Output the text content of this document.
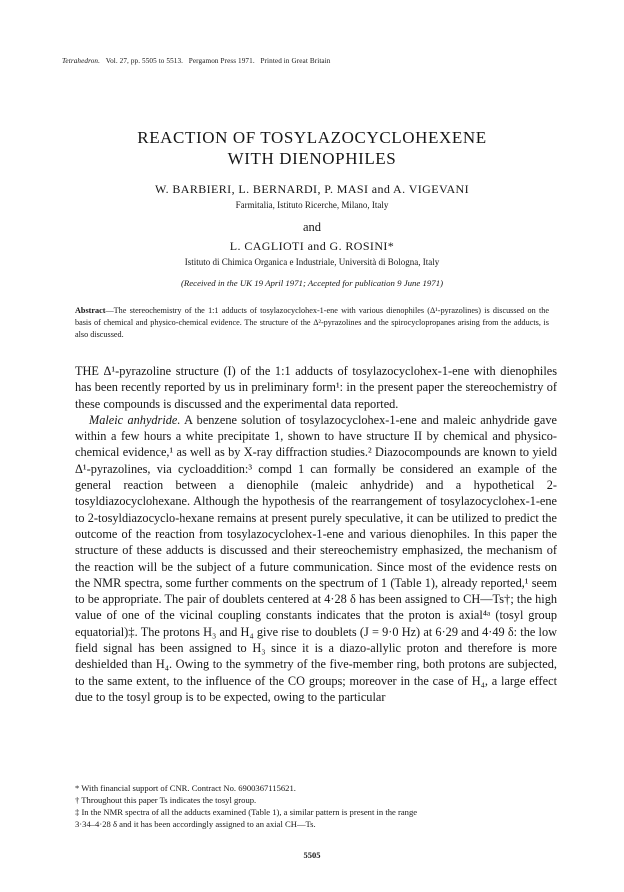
Tetrahedron. Vol. 27, pp. 5505 to 5513. Pergamon Press 1971. Printed in Great Britain
REACTION OF TOSYLAZOCYCLOHEXENE
WITH DIENOPHILES
W. BARBIERI, L. BERNARDI, P. MASI and A. VIGEVANI
Farmitalia, Istituto Ricerche, Milano, Italy
and
L. CAGLIOTI and G. ROSINI*
Istituto di Chimica Organica e Industriale, Università di Bologna, Italy
(Received in the UK 19 April 1971; Accepted for publication 9 June 1971)
Abstract—The stereochemistry of the 1:1 adducts of tosylazocyclohex-1-ene with various dienophiles (Δ¹-pyrazolines) is discussed on the basis of chemical and physico-chemical evidence. The structure of the Δ²-pyrazolines and the spirocyclopropanes arising from the adducts, is also discussed.

THE Δ¹-pyrazoline structure (I) of the 1:1 adducts of tosylazocyclohex-1-ene with dienophiles has been recently reported by us in preliminary form¹: in the present paper the stereochemistry of these compounds is discussed and the experimental data reported.

Maleic anhydride. A benzene solution of tosylazocyclohex-1-ene and maleic anhydride gave within a few hours a white precipitate 1, shown to have structure II by chemical and physico-chemical evidence,¹ as well as by X-ray diffraction studies.² Diazocompounds are known to yield Δ¹-pyrazolines, via cycloaddition:³ compd 1 can formally be considered an example of the general reaction between a dienophile (maleic anhydride) and a hypothetical 2-tosyldiazocyclohexane. Although the hypothesis of the rearrangement of tosylazocyclohex-1-ene to 2-tosyldiazocyclo-hexane remains at present purely speculative, it can be utilized to predict the outcome of the reaction from tosylazocyclohex-1-ene and various dienophiles. In this paper the structure of these adducts is discussed and their stereochemistry emphasized, the mechanism of the reaction will be the subject of a future communication. Since most of the evidence rests on the NMR spectra, some further comments on the spectrum of 1 (Table 1), already reported,¹ seem to be appropriate. The pair of doublets centered at 4·28 δ has been assigned to CH—Ts†; the high value of one of the vicinal coupling constants indicates that the proton is axial⁴ᵃ (tosyl group equatorial)‡. The protons H₃ and H₄ give rise to doublets (J = 9·0 Hz) at 6·29 and 4·49 δ: the low field signal has been assigned to H₃ since it is a diazo-allylic proton and therefore is more deshielded than H₄. Owing to the symmetry of the five-member ring, both protons are subjected, to the same extent, to the influence of the CO groups; moreover in the case of H₄, a large effect due to the tosyl group is to be expected, owing to the particular

* With financial support of CNR. Contract No. 6900367115621.
† Throughout this paper Ts indicates the tosyl group.
‡ In the NMR spectra of all the adducts examined (Table 1), a similar pattern is present in the range
3·34–4·28 δ and it has been accordingly assigned to an axial CH—Ts.
5505
